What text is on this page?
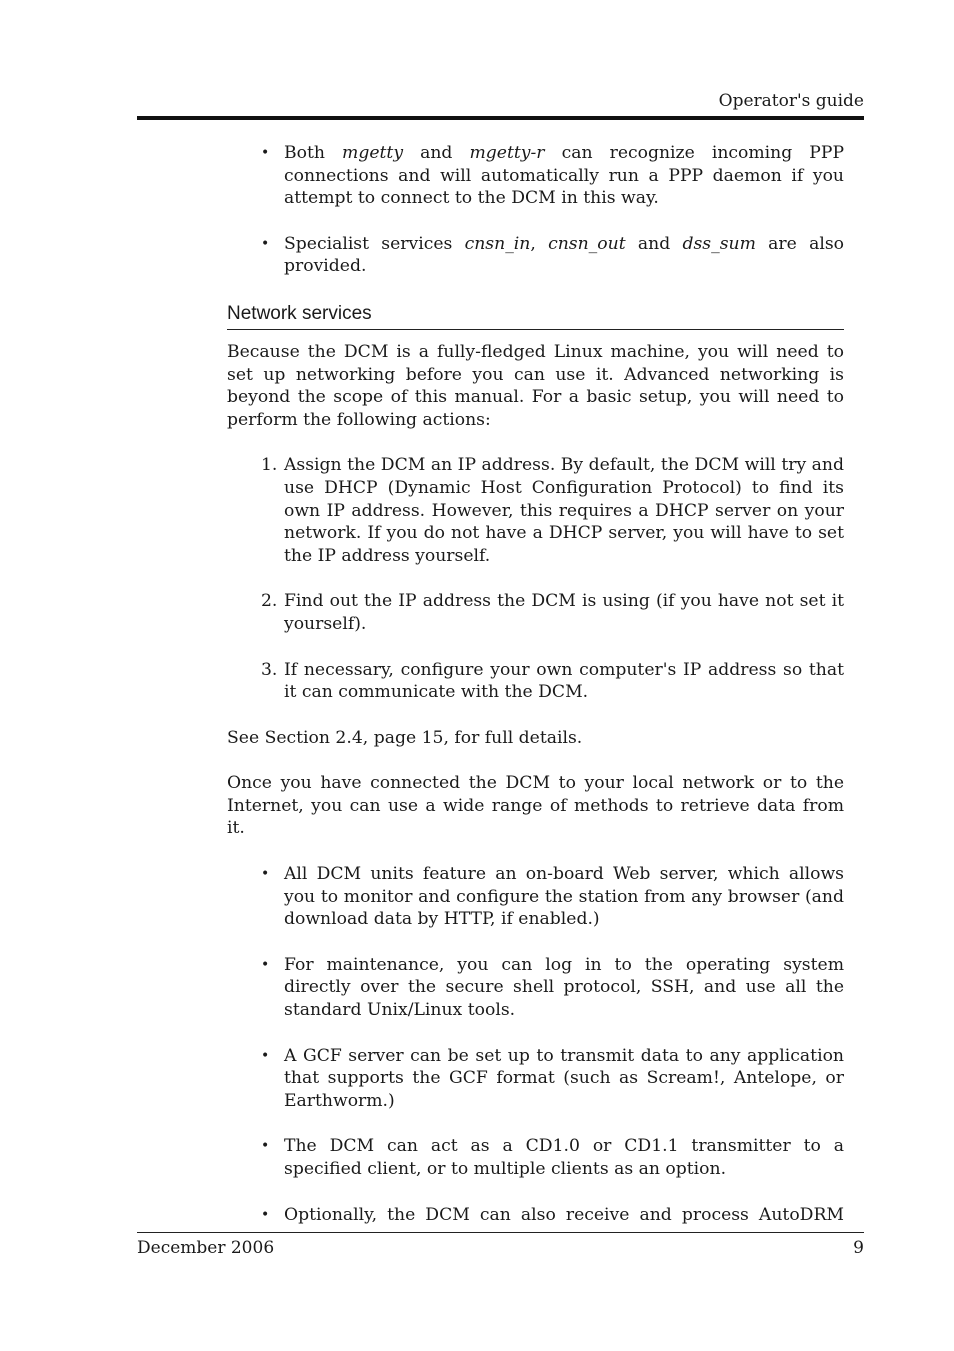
Operator's guide
• Both mgetty and mgetty-r can recognize incoming PPP connections and will automatically run a PPP daemon if you attempt to connect to the DCM in this way.
• Specialist services cnsn_in, cnsn_out and dss_sum are also provided.
Network services

Because the DCM is a fully-fledged Linux machine, you will need to set up networking before you can use it. Advanced networking is beyond the scope of this manual. For a basic setup, you will need to perform the following actions:

1. Assign the DCM an IP address. By default, the DCM will try and use DHCP (Dynamic Host Configuration Protocol) to find its own IP address. However, this requires a DHCP server on your network. If you do not have a DHCP server, you will have to set the IP address yourself.
2. Find out the IP address the DCM is using (if you have not set it yourself).
3. If necessary, configure your own computer's IP address so that it can communicate with the DCM.

See Section 2.4, page 15, for full details.

Once you have connected the DCM to your local network or to the Internet, you can use a wide range of methods to retrieve data from it.

• All DCM units feature an on-board Web server, which allows you to monitor and configure the station from any browser (and download data by HTTP, if enabled.)
• For maintenance, you can log in to the operating system directly over the secure shell protocol, SSH, and use all the standard Unix/Linux tools.
• A GCF server can be set up to transmit data to any application that supports the GCF format (such as Scream!, Antelope, or Earthworm.)
• The DCM can act as a CD1.0 or CD1.1 transmitter to a specified client, or to multiple clients as an option.
• Optionally, the DCM can also receive and process AutoDRM
December 2006	9
